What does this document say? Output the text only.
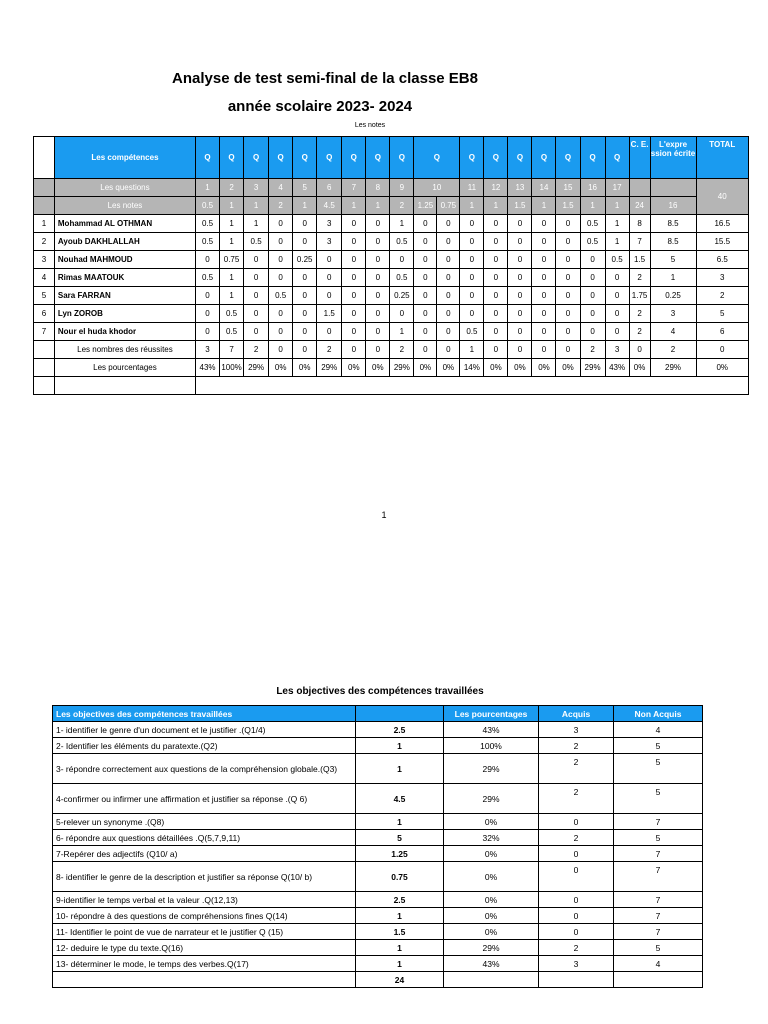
Analyse de test semi-final de la classe EB8
année scolaire 2023- 2024
Les notes
	Les compétences	Q	Q	Q	Q	Q	Q	Q	Q	Q	Q		Q	Q	Q	Q	Q	Q	Q	C. E.	L'expre ssion écrite	TOTAL
	Les questions	1	2	3	4	5	6	7	8	9	10		11	12	13	14	15	16	17			40
	Les notes	0.5	1	1	2	1	4.5	1	1	2	1.25	0.75	1	1	1.5	1	1.5	1	1	24	16	
1	Mohammad AL OTHMAN	0.5	1	1	0	0	3	0	0	1	0	0	0	0	0	0	0	0.5	1	8	8.5	16.5
2	Ayoub DAKHLALLAH	0.5	1	0.5	0	0	3	0	0	0.5	0	0	0	0	0	0	0	0.5	1	7	8.5	15.5
3	Nouhad MAHMOUD	0	0.75	0	0	0.25	0	0	0	0	0	0	0	0	0	0	0	0	0.5	1.5	5	6.5
4	Rimas MAATOUK	0.5	1	0	0	0	0	0	0	0.5	0	0	0	0	0	0	0	0	0	2	1	3
5	Sara FARRAN	0	1	0	0.5	0	0	0	0	0.25	0	0	0	0	0	0	0	0	0	1.75	0.25	2
6	Lyn ZOROB	0	0.5	0	0	0	1.5	0	0	0	0	0	0	0	0	0	0	0	0	2	3	5
7	Nour el huda khodor	0	0.5	0	0	0	0	0	0	1	0	0	0.5	0	0	0	0	0	0	2	4	6
	Les nombres des réussites	3	7	2	0	0	2	0	0	2	0	0	1	0	0	0	0	2	3	0	2	0
	Les pourcentages	43%	100%	29%	0%	0%	29%	0%	0%	29%	0%	0%	14%	0%	0%	0%	0%	29%	43%	0%	29%	0%

1
Les objectives des compétences travaillées
Les objectives des compétences travaillées		Les pourcentages	Acquis	Non Acquis
1- identifier le genre d'un document et le justifier .(Q1/4)	2.5	43%	3	4
2- Identifier les éléments du paratexte.(Q2)	1	100%	2	5
3- répondre correctement aux questions de la compréhension globale.(Q3)	1	29%	2	5
4-confirmer ou infirmer une affirmation et justifier sa réponse .(Q 6)	4.5	29%	2	5
5-relever un synonyme .(Q8)	1	0%	0	7
6- répondre aux questions détaillées .Q(5,7,9,11)	5	32%	2	5
7-Repérer des adjectifs (Q10/ a)	1.25	0%	0	7
8- identifier le genre de la description et justifier sa réponse Q(10/ b)	0.75	0%	0	7
9-identifier le temps verbal et la valeur .Q(12,13)	2.5	0%	0	7
10- répondre à des questions de compréhensions fines Q(14)	1	0%	0	7
11- Identifier le point de vue de narrateur et le justifier Q (15)	1.5	0%	0	7
12- deduire le type du texte.Q(16)	1	29%	2	5
13- déterminer le mode, le temps des verbes.Q(17)	1	43%	3	4
	24			
